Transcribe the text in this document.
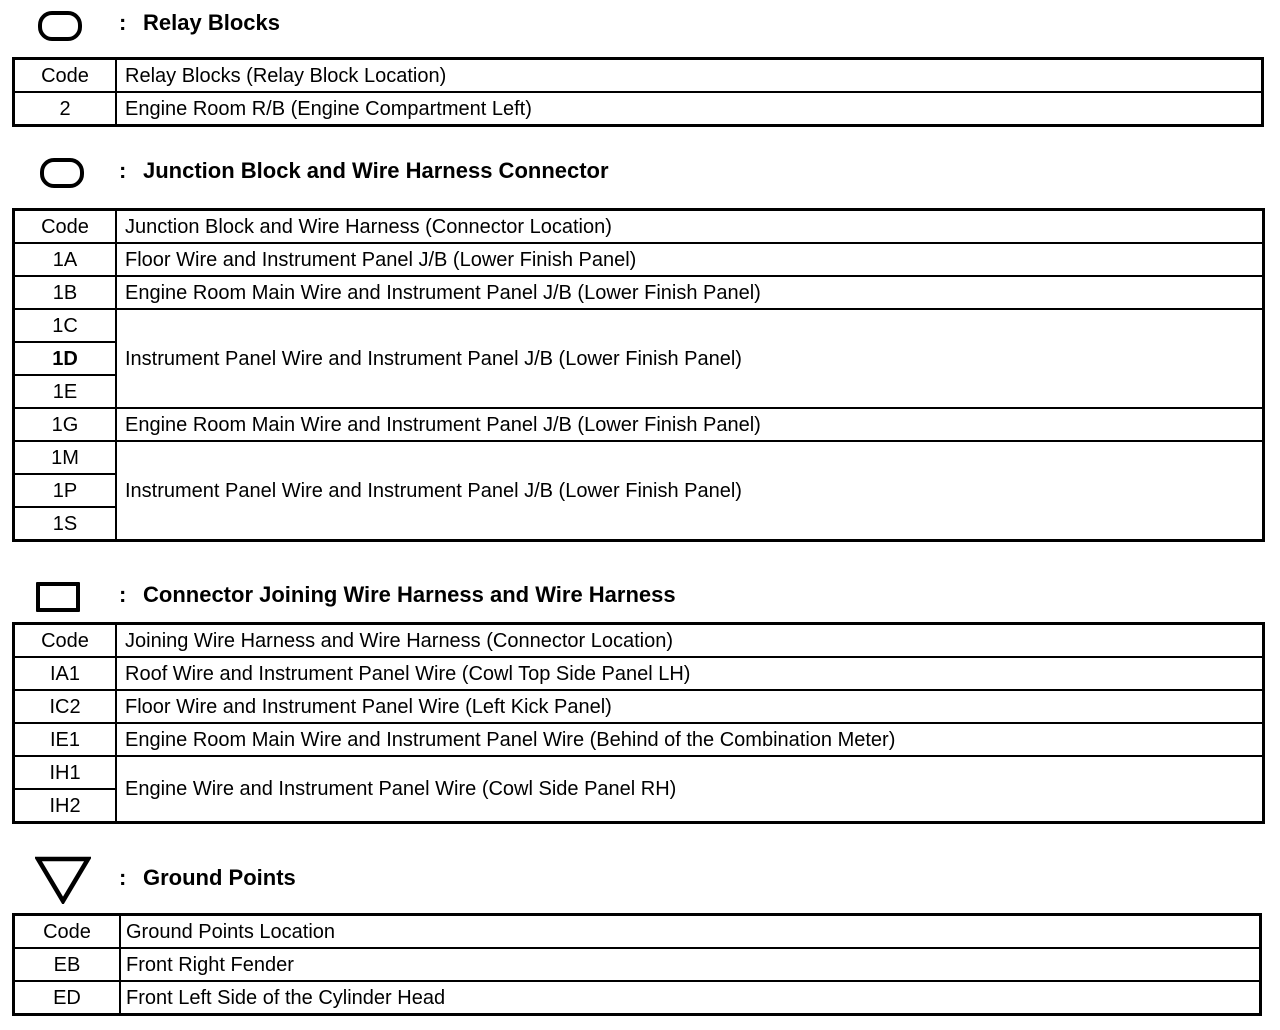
: Relay Blocks
Code	Relay Blocks (Relay Block Location)
2	Engine Room R/B (Engine Compartment Left)
: Junction Block and Wire Harness Connector
Code	Junction Block and Wire Harness (Connector Location)
1A	Floor Wire and Instrument Panel J/B (Lower Finish Panel)
1B	Engine Room Main Wire and Instrument Panel J/B (Lower Finish Panel)
1C	Instrument Panel Wire and Instrument Panel J/B (Lower Finish Panel)
1D	
1E	
1G	Engine Room Main Wire and Instrument Panel J/B (Lower Finish Panel)
1M	Instrument Panel Wire and Instrument Panel J/B (Lower Finish Panel)
1P	
1S	
: Connector Joining Wire Harness and Wire Harness
Code	Joining Wire Harness and Wire Harness (Connector Location)
IA1	Roof Wire and Instrument Panel Wire (Cowl Top Side Panel LH)
IC2	Floor Wire and Instrument Panel Wire (Left Kick Panel)
IE1	Engine Room Main Wire and Instrument Panel Wire (Behind of the Combination Meter)
IH1	Engine Wire and Instrument Panel Wire (Cowl Side Panel RH)
IH2	
: Ground Points
Code	Ground Points Location
EB	Front Right Fender
ED	Front Left Side of the Cylinder Head
